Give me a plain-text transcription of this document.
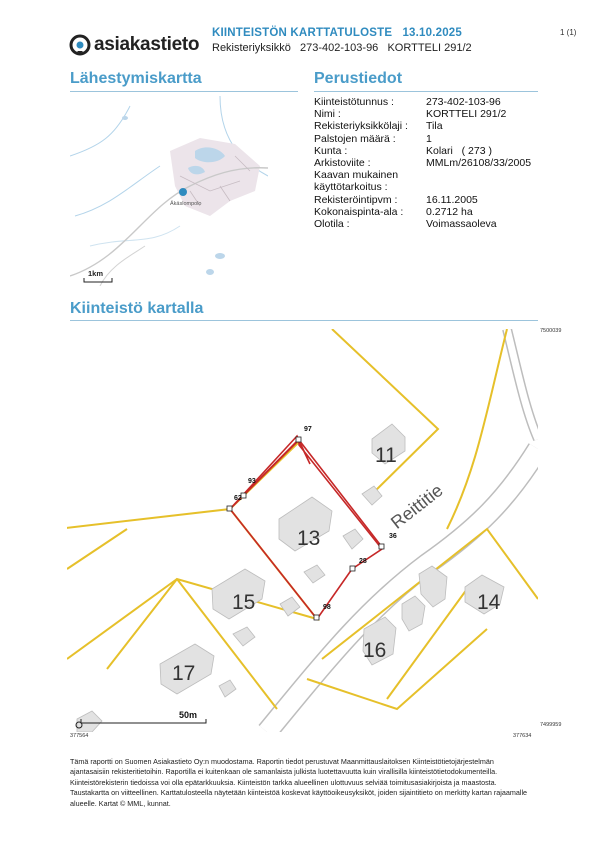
asiakastieto
KIINTEISTÖN KARTTATULOSTE   13.10.2025
Rekisteriyksikkö   273-402-103-96   KORTTELI 291/2
1 (1)
Lähestymiskartta	Perustiedot
Kiinteistö kartalla
Äkäslompolo
1km
Kiinteistötunnus :	273-402-103-96
Nimi :	KORTTELI 291/2
Rekisteriyksikkölaji :	Tila
Palstojen määrä :	1
Kunta :	Kolari   ( 273 )
Arkistoviite :	MMLm/26108/33/2005
Kaavan mukainen käyttötarkoitus :	
Rekisteröintipvm :	16.11.2005
Kokonaispinta-ala :	0.2712 ha
Olotila :	Voimassaoleva
Reittitie
11
13
14
15
16
17
97
93
62
36
28
98
50m
7500039
7499959
377564	377634
Tämä raportti on Suomen Asiakastieto Oy:n muodostama. Raportin tiedot perustuvat Maanmittauslaitoksen Kiinteistötietojärjestelmän ajantasaisiin rekisteritietoihin. Raportilla ei kuitenkaan ole samanlaista julkista luotettavuutta kuin virallisilla kiinteistötietodokumenteilla. Kiinteistörekisterin tiedoissa voi olla epätarkkuuksia. Kiinteistön tarkka alueellinen ulottuvuus selviää toimitusasiakirjoista ja maastosta. Taustakartta on viitteellinen. Karttatulosteella näytetään kiinteistöä koskevat käyttöoikeusyksiköt, joiden sijaintitieto on merkitty kartan rajaamalle alueelle. Kartat © MML, kunnat.
